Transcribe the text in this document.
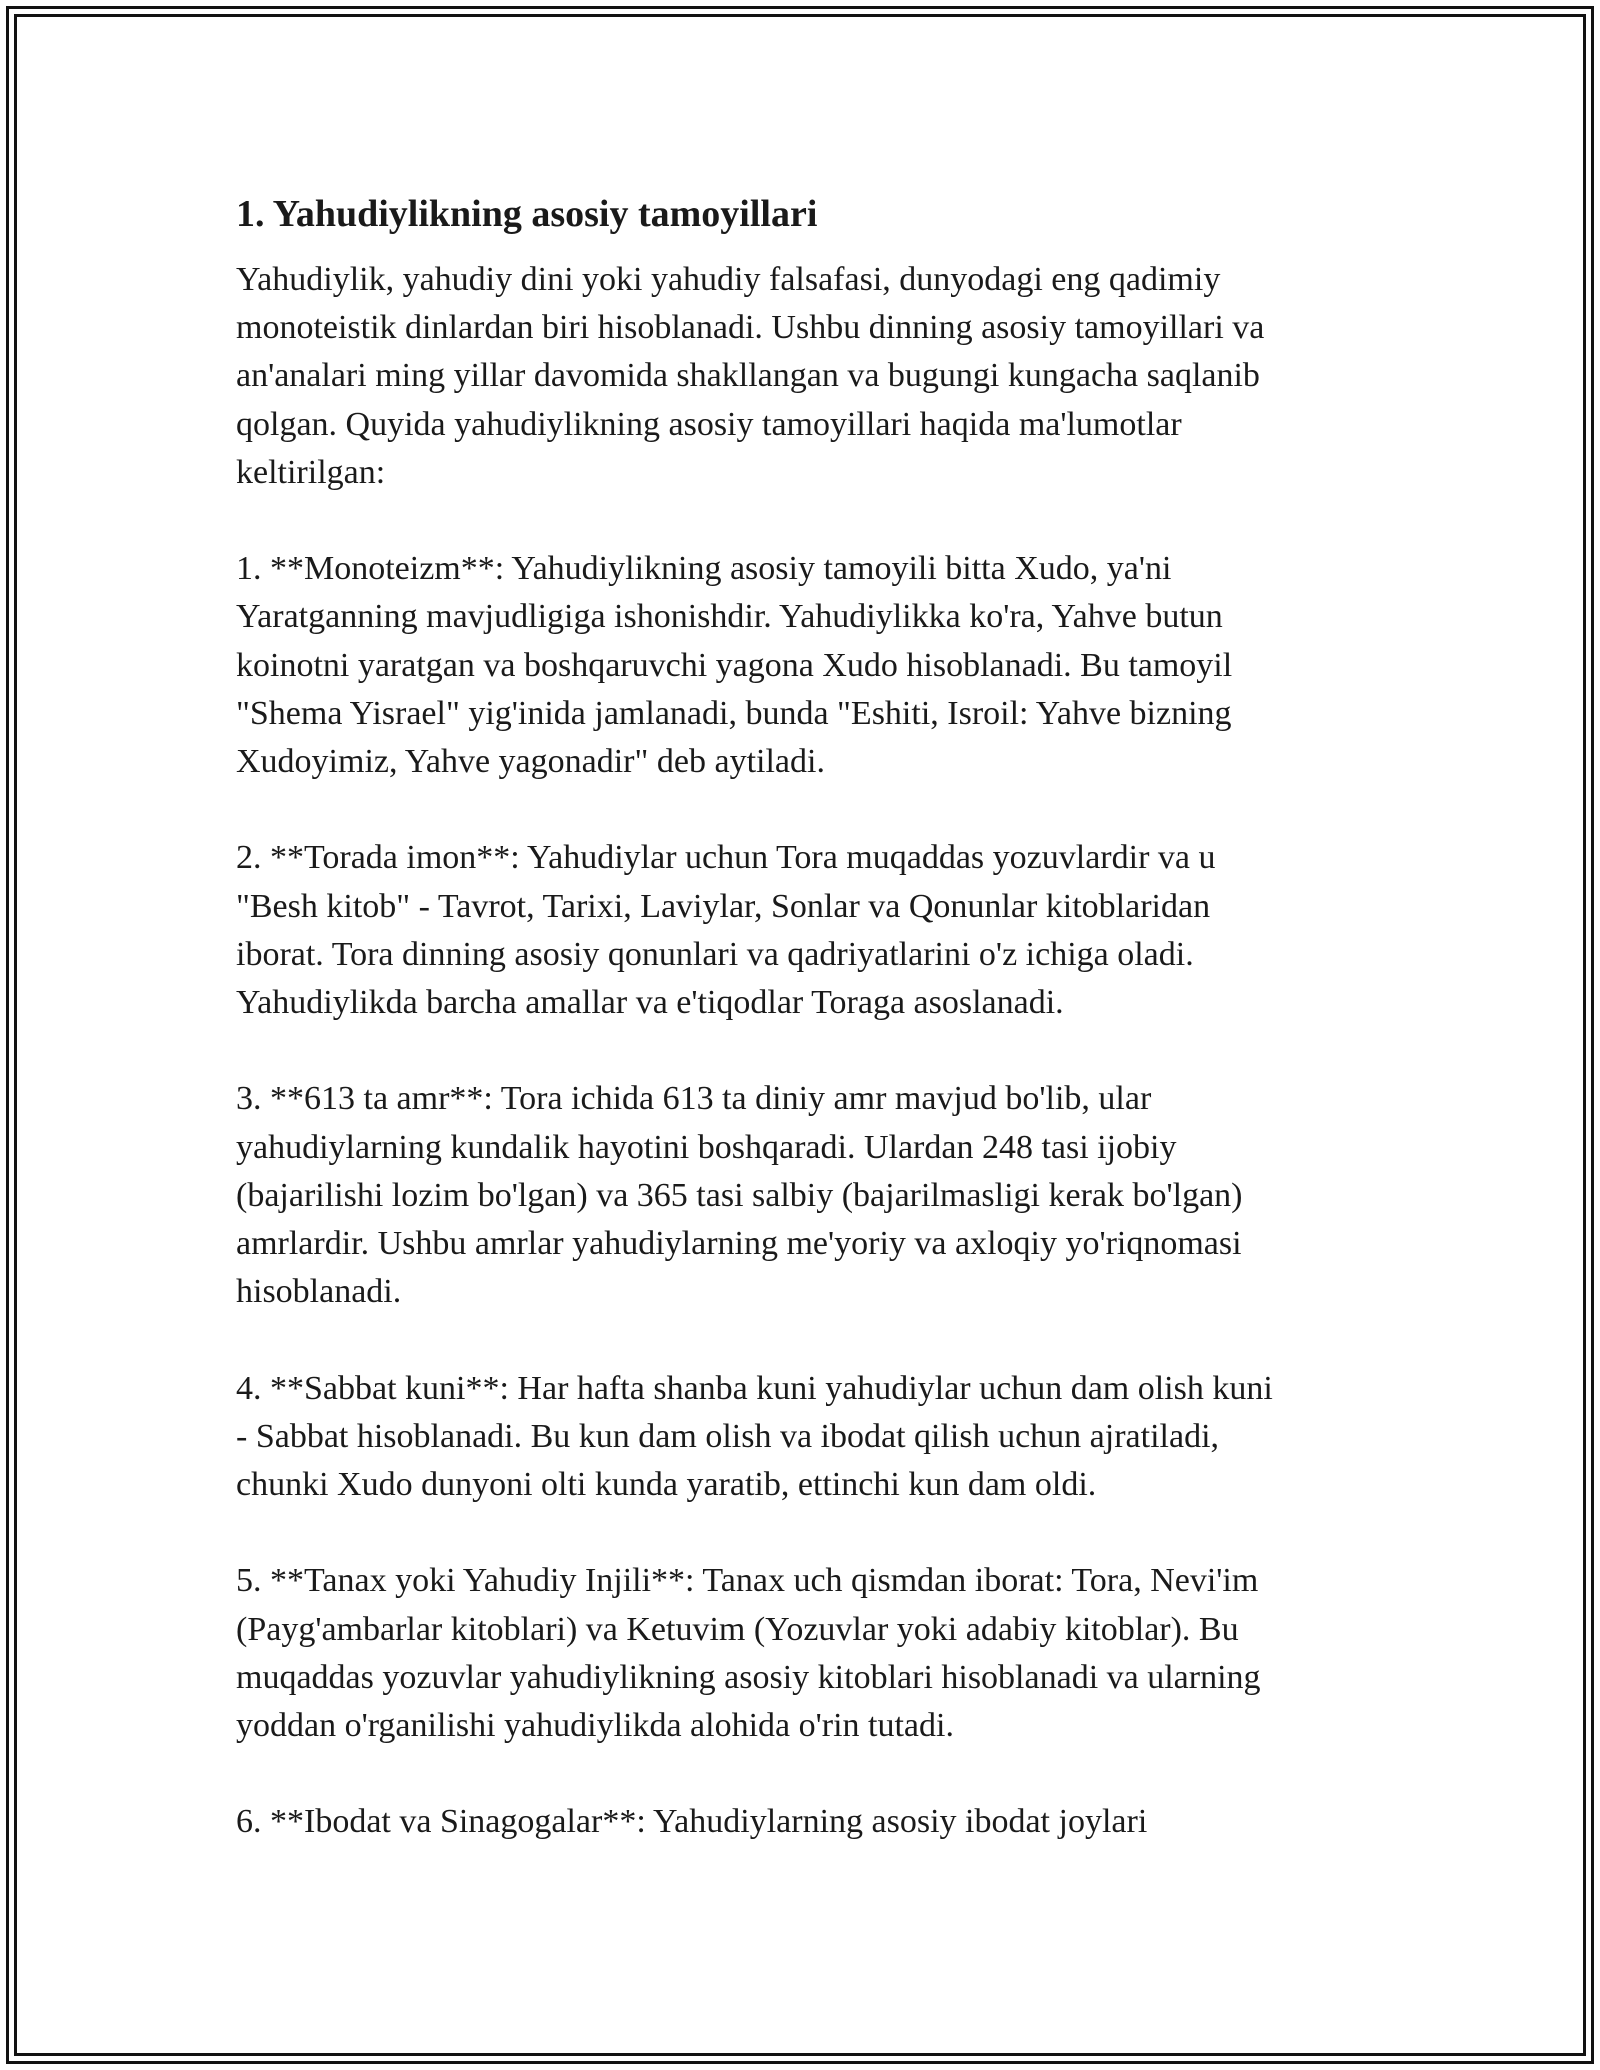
1. Yahudiylikning asosiy tamoyillari

Yahudiylik, yahudiy dini yoki yahudiy falsafasi, dunyodagi eng qadimiy
monoteistik dinlardan biri hisoblanadi. Ushbu dinning asosiy tamoyillari va
an'analari ming yillar davomida shakllangan va bugungi kungacha saqlanib
qolgan. Quyida yahudiylikning asosiy tamoyillari haqida ma'lumotlar
keltirilgan:

1. **Monoteizm**: Yahudiylikning asosiy tamoyili bitta Xudo, ya'ni
Yaratganning mavjudligiga ishonishdir. Yahudiylikka ko'ra, Yahve butun
koinotni yaratgan va boshqaruvchi yagona Xudo hisoblanadi. Bu tamoyil
"Shema Yisrael" yig'inida jamlanadi, bunda "Eshiti, Isroil: Yahve bizning
Xudoyimiz, Yahve yagonadir" deb aytiladi.

2. **Torada imon**: Yahudiylar uchun Tora muqaddas yozuvlardir va u
"Besh kitob" - Tavrot, Tarixi, Laviylar, Sonlar va Qonunlar kitoblaridan
iborat. Tora dinning asosiy qonunlari va qadriyatlarini o'z ichiga oladi.
Yahudiylikda barcha amallar va e'tiqodlar Toraga asoslanadi.

3. **613 ta amr**: Tora ichida 613 ta diniy amr mavjud bo'lib, ular
yahudiylarning kundalik hayotini boshqaradi. Ulardan 248 tasi ijobiy
(bajarilishi lozim bo'lgan) va 365 tasi salbiy (bajarilmasligi kerak bo'lgan)
amrlardir. Ushbu amrlar yahudiylarning me'yoriy va axloqiy yo'riqnomasi
hisoblanadi.

4. **Sabbat kuni**: Har hafta shanba kuni yahudiylar uchun dam olish kuni
- Sabbat hisoblanadi. Bu kun dam olish va ibodat qilish uchun ajratiladi,
chunki Xudo dunyoni olti kunda yaratib, ettinchi kun dam oldi.

5. **Tanax yoki Yahudiy Injili**: Tanax uch qismdan iborat: Tora, Nevi'im
(Payg'ambarlar kitoblari) va Ketuvim (Yozuvlar yoki adabiy kitoblar). Bu
muqaddas yozuvlar yahudiylikning asosiy kitoblari hisoblanadi va ularning
yoddan o'rganilishi yahudiylikda alohida o'rin tutadi.

6. **Ibodat va Sinagogalar**: Yahudiylarning asosiy ibodat joylari
